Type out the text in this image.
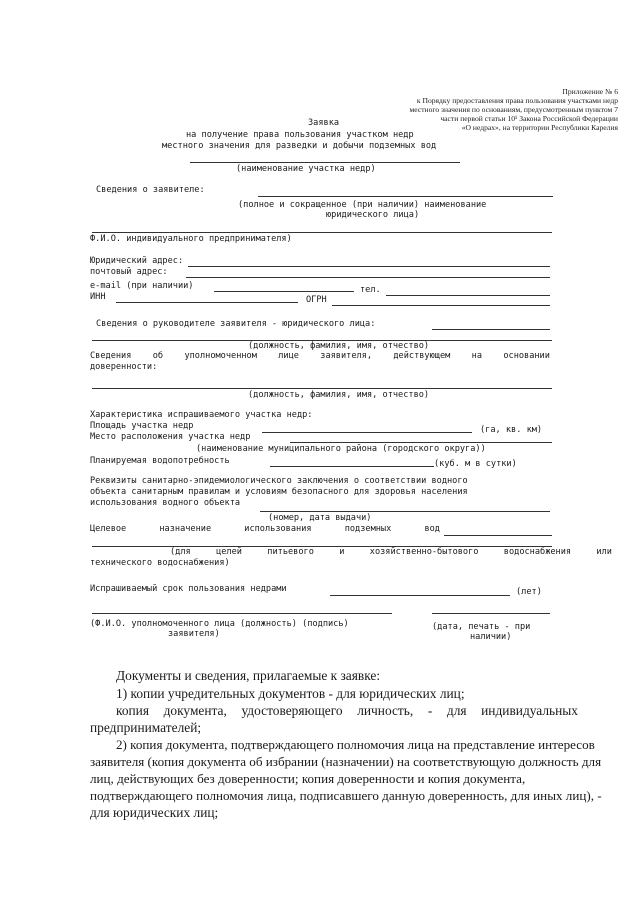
Приложение № 6
к Порядку предоставления права пользования участками недр
местного значения по основаниям, предусмотренным пунктом 7
части первой статьи 10¹ Закона Российской Федерации
«О недрах», на территории Республики Карелия
Заявка
на получение права пользования участком недр
местного значения для разведки и добычи подземных вод
(наименование участка недр)
Сведения о заявителе:
(полное и сокращенное (при наличии) наименование
юридического лица)
Ф.И.О. индивидуального предпринимателя)
Юридический адрес:
почтовый адрес:
e-mail (при наличии)	тел.
ИНН	ОГРН
Сведения о руководителе заявителя - юридического лица:
(должность, фамилия, имя, отчество)
Сведения об уполномоченном лице заявителя, действующем на основании
доверенности:
(должность, фамилия, имя, отчество)
Характеристика испрашиваемого участка недр:
Площадь участка недр	(га, кв. км)
Место расположения участка недр
(наименование муниципального района (городского округа))
Планируемая водопотребность	(куб. м в сутки)
Реквизиты санитарно-эпидемиологического заключения о соответствии водного
объекта санитарным правилам и условиям безопасного для здоровья населения
использования водного объекта
(номер, дата выдачи)
Целевое	назначение	использования	подземных	вод
(для	целей	питьевого	и	хозяйственно-бытового	водоснабжения	или
технического водоснабжения)
Испрашиваемый срок пользования недрами	(лет)
(Ф.И.О. уполномоченного лица (должность) (подпись)
заявителя)
(дата, печать - при
наличии)
Документы и сведения, прилагаемые к заявке:
1) копии учредительных документов - для юридических лиц;
копия документа, удостоверяющего личность, - для индивидуальных
предпринимателей;
2) копия документа, подтверждающего полномочия лица на представление интересов
заявителя (копия документа об избрании (назначении) на соответствующую должность для
лиц, действующих без доверенности; копия доверенности и копия документа,
подтверждающего полномочия лица, подписавшего данную доверенность, для иных лиц), -
для юридических лиц;
